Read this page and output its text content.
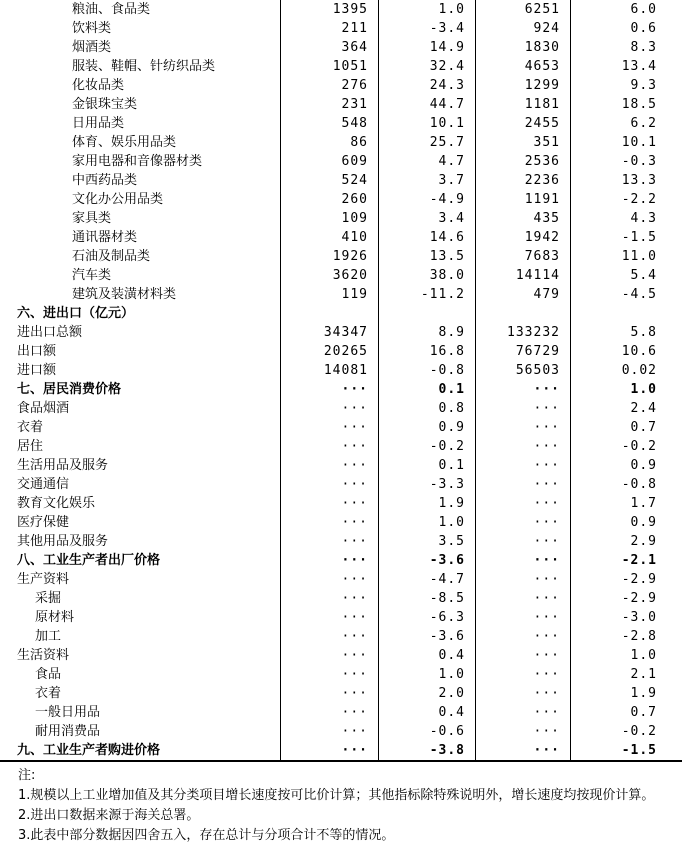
粮油、食品类	1395	1.0	6251	6.0
饮料类	211	-3.4	924	0.6
烟酒类	364	14.9	1830	8.3
服装、鞋帽、针纺织品类	1051	32.4	4653	13.4
化妆品类	276	24.3	1299	9.3
金银珠宝类	231	44.7	1181	18.5
日用品类	548	10.1	2455	6.2
体育、娱乐用品类	86	25.7	351	10.1
家用电器和音像器材类	609	4.7	2536	-0.3
中西药品类	524	3.7	2236	13.3
文化办公用品类	260	-4.9	1191	-2.2
家具类	109	3.4	435	4.3
通讯器材类	410	14.6	1942	-1.5
石油及制品类	1926	13.5	7683	11.0
汽车类	3620	38.0	14114	5.4
建筑及装潢材料类	119	-11.2	479	-4.5
六、进出口（亿元）
进出口总额	34347	8.9	133232	5.8
出口额	20265	16.8	76729	10.6
进口额	14081	-0.8	56503	0.02
七、居民消费价格	···	0.1	···	1.0
食品烟酒	···	0.8	···	2.4
衣着	···	0.9	···	0.7
居住	···	-0.2	···	-0.2
生活用品及服务	···	0.1	···	0.9
交通通信	···	-3.3	···	-0.8
教育文化娱乐	···	1.9	···	1.7
医疗保健	···	1.0	···	0.9
其他用品及服务	···	3.5	···	2.9
八、工业生产者出厂价格	···	-3.6	···	-2.1
生产资料	···	-4.7	···	-2.9
采掘	···	-8.5	···	-2.9
原材料	···	-6.3	···	-3.0
加工	···	-3.6	···	-2.8
生活资料	···	0.4	···	1.0
食品	···	1.0	···	2.1
衣着	···	2.0	···	1.9
一般日用品	···	0.4	···	0.7
耐用消费品	···	-0.6	···	-0.2
九、工业生产者购进价格	···	-3.8	···	-1.5
注:
1.规模以上工业增加值及其分类项目增长速度按可比价计算；其他指标除特殊说明外，增长速度均按现价计算。
2.进出口数据来源于海关总署。
3.此表中部分数据因四舍五入，存在总计与分项合计不等的情况。
